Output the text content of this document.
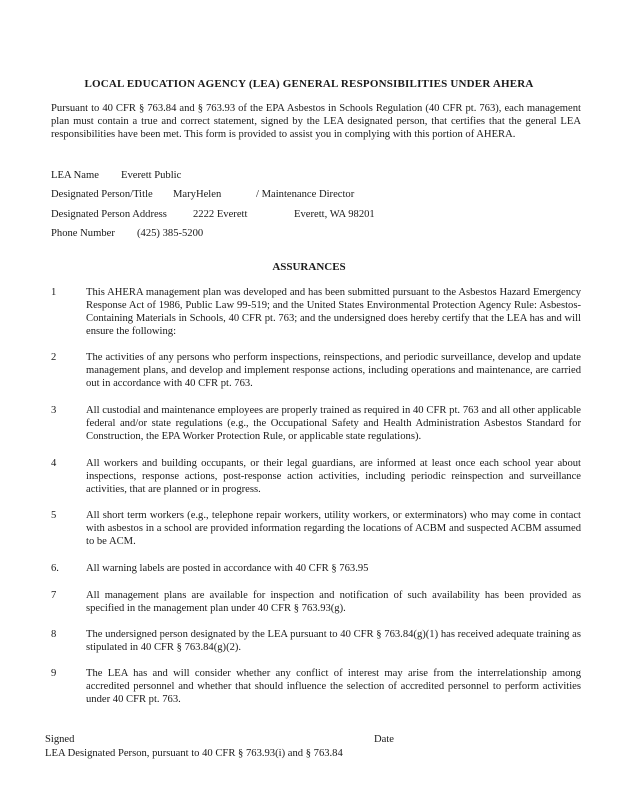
LOCAL EDUCATION AGENCY (LEA) GENERAL RESPONSIBILITIES UNDER AHERA
Pursuant to 40 CFR § 763.84 and § 763.93 of the EPA Asbestos in Schools Regulation (40 CFR pt. 763), each management plan must contain a true and correct statement, signed by the LEA designated person, that certifies that the general LEA responsibilities have been met. This form is provided to assist you in complying with this portion of AHERA.
LEA Name Everett Public
Designated Person/Title MaryHelen	/ Maintenance Director
Designated Person Address 2222 Everett	Everett, WA 98201
Phone Number (425) 385-5200
ASSURANCES
1	This AHERA management plan was developed and has been submitted pursuant to the Asbestos Hazard Emergency Response Act of 1986, Public Law 99-519; and the United States Environmental Protection Agency Rule: Asbestos-Containing Materials in Schools, 40 CFR pt. 763; and the undersigned does hereby certify that the LEA has and will ensure the following:
2	The activities of any persons who perform inspections, reinspections, and periodic surveillance, develop and update management plans, and develop and implement response actions, including operations and maintenance, are carried out in accordance with 40 CFR pt. 763.
3	All custodial and maintenance employees are properly trained as required in 40 CFR pt. 763 and all other applicable federal and/or state regulations (e.g., the Occupational Safety and Health Administration Asbestos Standard for Construction, the EPA Worker Protection Rule, or applicable state regulations).
4	All workers and building occupants, or their legal guardians, are informed at least once each school year about inspections, response actions, post-response action activities, including periodic reinspection and surveillance activities, that are planned or in progress.
5	All short term workers (e.g., telephone repair workers, utility workers, or exterminators) who may come in contact with asbestos in a school are provided information regarding the locations of ACBM and suspected ACBM assumed to be ACM.
6.	All warning labels are posted in accordance with 40 CFR § 763.95
7	All management plans are available for inspection and notification of such availability has been provided as specified in the management plan under 40 CFR § 763.93(g).
8	The undersigned person designated by the LEA pursuant to 40 CFR § 763.84(g)(1) has received adequate training as stipulated in 40 CFR § 763.84(g)(2).
9	The LEA has and will consider whether any conflict of interest may arise from the interrelationship among accredited personnel and whether that should influence the selection of accredited personnel to perform activities under 40 CFR pt. 763.
Signed	Date
LEA Designated Person, pursuant to 40 CFR § 763.93(i) and § 763.84
